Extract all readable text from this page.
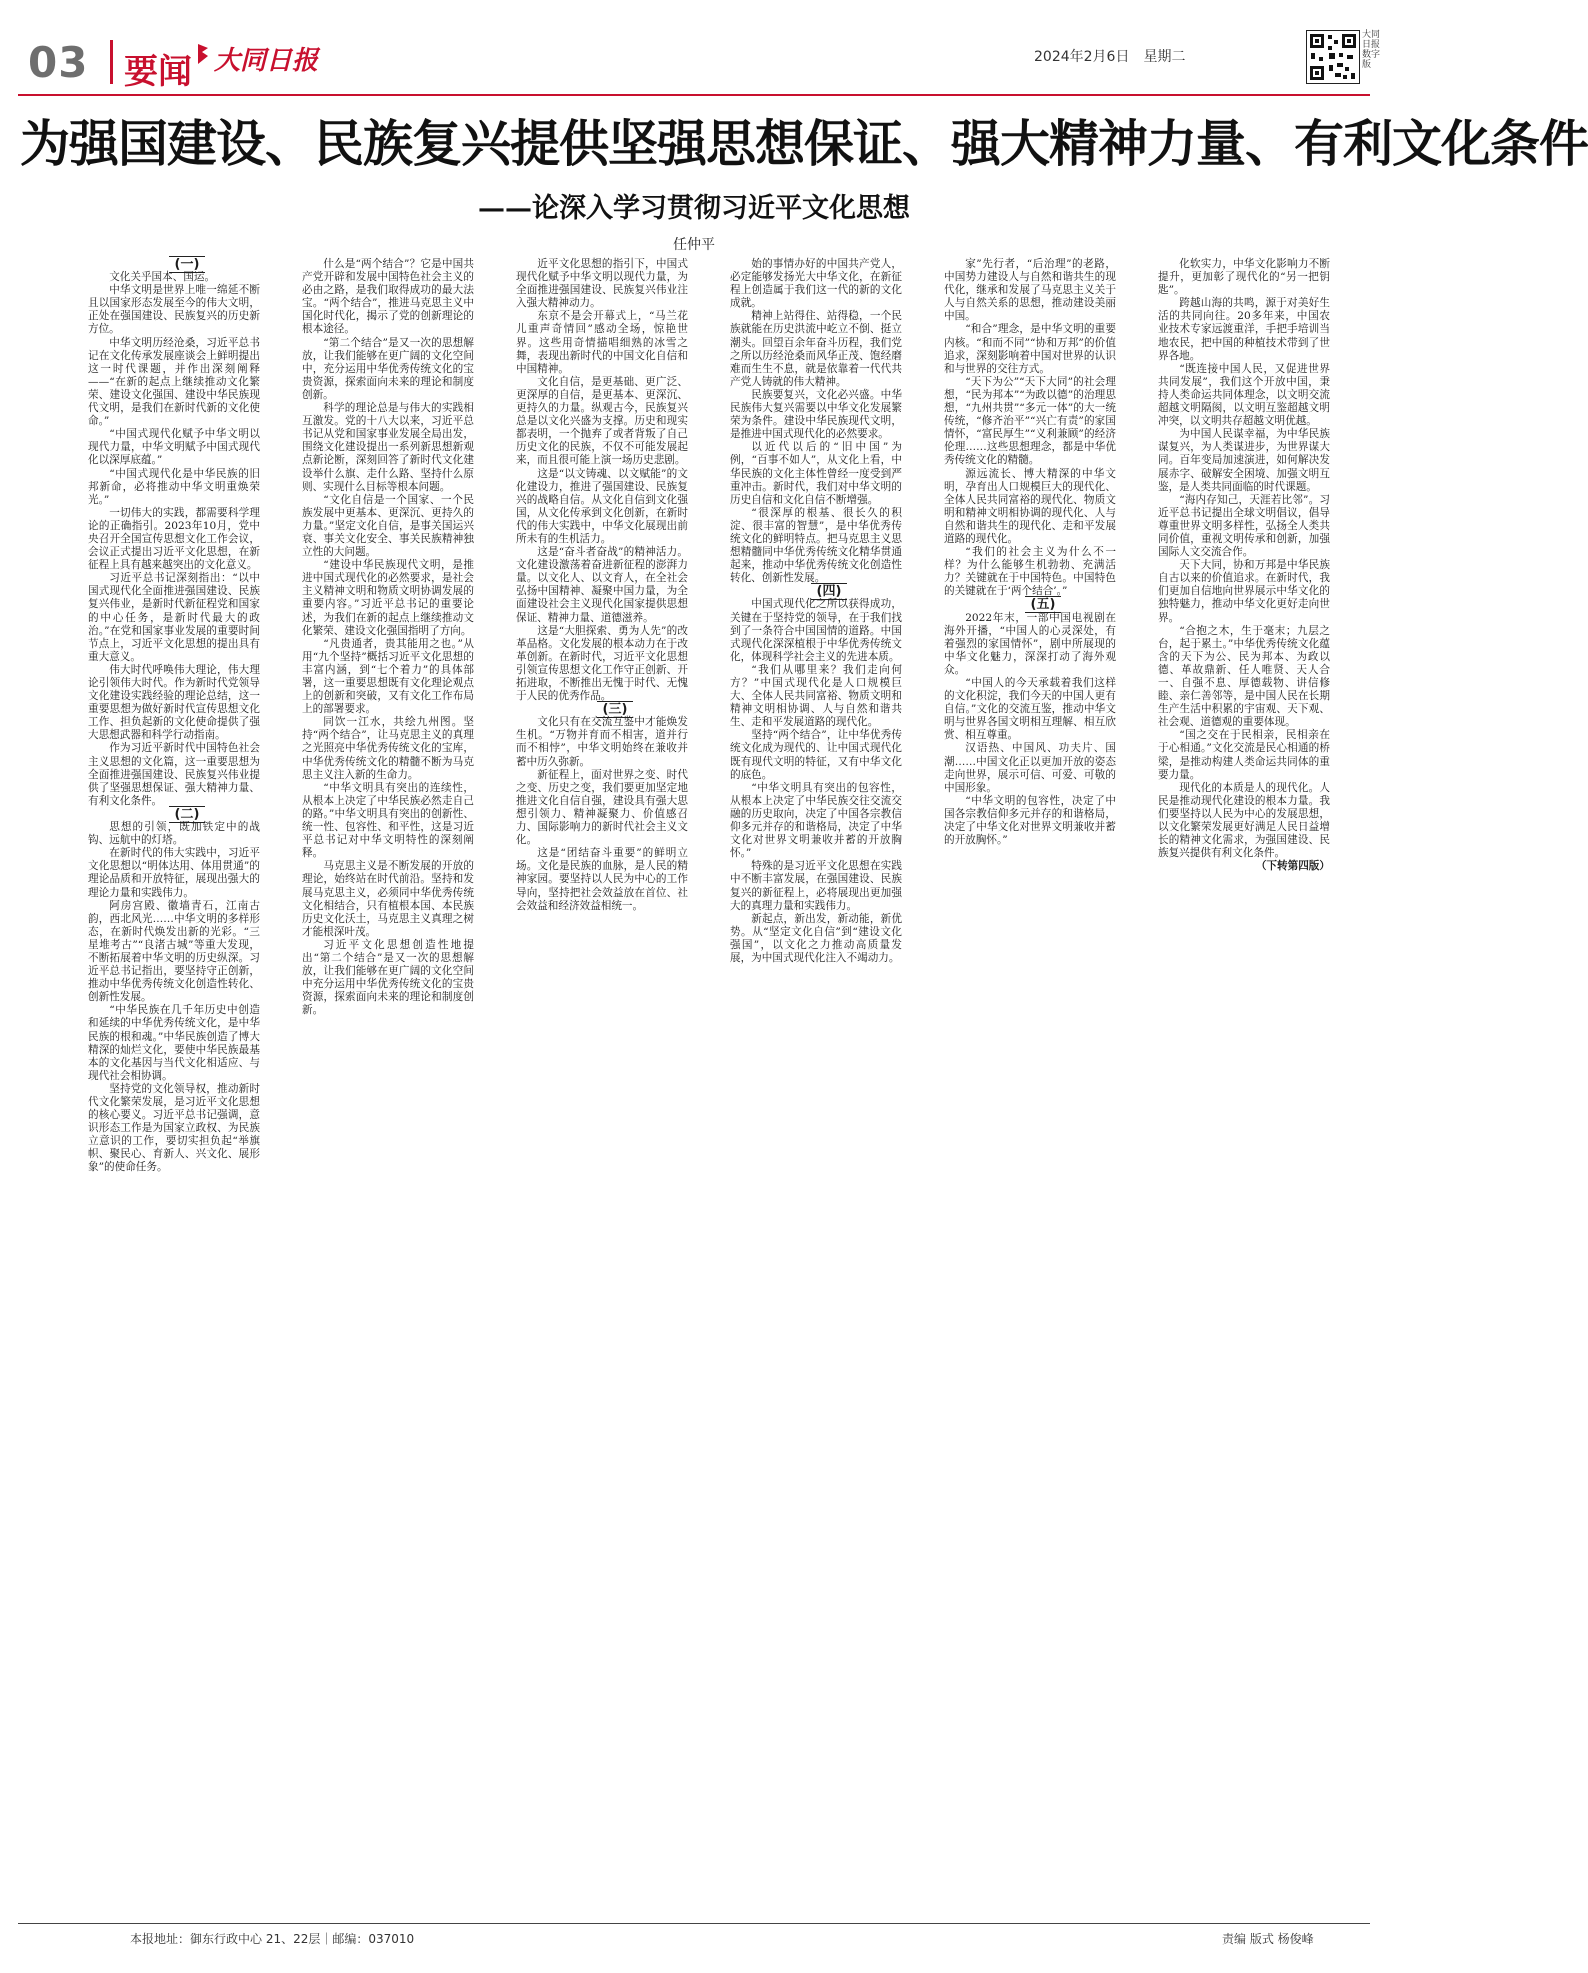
03 要闻 大同日报	2024年2月6日　星期二
大同日报数字版
为强国建设、民族复兴提供坚强思想保证、强大精神力量、有利文化条件
——论深入学习贯彻习近平文化思想
任仲平

(一)

文化关乎国本、国运。

中华文明是世界上唯一绵延不断且以国家形态发展至今的伟大文明，正处在强国建设、民族复兴的历史新方位。

中华文明历经沧桑，习近平总书记在文化传承发展座谈会上鲜明提出这一时代课题，并作出深刻阐释——“在新的起点上继续推动文化繁荣、建设文化强国、建设中华民族现代文明，是我们在新时代新的文化使命。”

“中国式现代化赋予中华文明以现代力量，中华文明赋予中国式现代化以深厚底蕴。”

“中国式现代化是中华民族的旧邦新命，必将推动中华文明重焕荣光。”

一切伟大的实践，都需要科学理论的正确指引。2023年10月，党中央召开全国宣传思想文化工作会议，会议正式提出习近平文化思想，在新征程上具有越来越突出的文化意义。

习近平总书记深刻指出：“以中国式现代化全面推进强国建设、民族复兴伟业，是新时代新征程党和国家的中心任务，是新时代最大的政治。”在党和国家事业发展的重要时间节点上，习近平文化思想的提出具有重大意义。

伟大时代呼唤伟大理论，伟大理论引领伟大时代。作为新时代党领导文化建设实践经验的理论总结，这一重要思想为做好新时代宣传思想文化工作、担负起新的文化使命提供了强大思想武器和科学行动指南。

作为习近平新时代中国特色社会主义思想的文化篇，这一重要思想为全面推进强国建设、民族复兴伟业提供了坚强思想保证、强大精神力量、有利文化条件。

(二)

思想的引领，既加铁定中的战钩、远航中的灯塔。

在新时代的伟大实践中，习近平文化思想以“明体达用、体用贯通”的理论品质和开放特征，展现出强大的理论力量和实践伟力。

阿房宫殿、徽墙青石，江南古韵，西北风光……中华文明的多样形态，在新时代焕发出新的光彩。“三星堆考古”“良渚古城”等重大发现，不断拓展着中华文明的历史纵深。习近平总书记指出，要坚持守正创新，推动中华优秀传统文化创造性转化、创新性发展。

“中华民族在几千年历史中创造和延续的中华优秀传统文化，是中华民族的根和魂。”中华民族创造了博大精深的灿烂文化，要使中华民族最基本的文化基因与当代文化相适应、与现代社会相协调。

坚持党的文化领导权，推动新时代文化繁荣发展，是习近平文化思想的核心要义。习近平总书记强调，意识形态工作是为国家立政权、为民族立意识的工作，要切实担负起“举旗帜、聚民心、育新人、兴文化、展形象”的使命任务。

什么是“两个结合”？它是中国共产党开辟和发展中国特色社会主义的必由之路，是我们取得成功的最大法宝。“两个结合”，推进马克思主义中国化时代化，揭示了党的创新理论的根本途径。

“第二个结合”是又一次的思想解放，让我们能够在更广阔的文化空间中，充分运用中华优秀传统文化的宝贵资源，探索面向未来的理论和制度创新。

科学的理论总是与伟大的实践相互激发。党的十八大以来，习近平总书记从党和国家事业发展全局出发，围绕文化建设提出一系列新思想新观点新论断，深刻回答了新时代文化建设举什么旗、走什么路、坚持什么原则、实现什么目标等根本问题。

“文化自信是一个国家、一个民族发展中更基本、更深沉、更持久的力量。”坚定文化自信，是事关国运兴衰、事关文化安全、事关民族精神独立性的大问题。

“建设中华民族现代文明，是推进中国式现代化的必然要求，是社会主义精神文明和物质文明协调发展的重要内容。”习近平总书记的重要论述，为我们在新的起点上继续推动文化繁荣、建设文化强国指明了方向。

“凡贵通者，贵其能用之也。”从用“九个坚持”概括习近平文化思想的丰富内涵，到“七个着力”的具体部署，这一重要思想既有文化理论观点上的创新和突破，又有文化工作布局上的部署要求。

同饮一江水，共绘九州图。坚持“两个结合”，让马克思主义的真理之光照亮中华优秀传统文化的宝库，中华优秀传统文化的精髓不断为马克思主义注入新的生命力。

“中华文明具有突出的连续性，从根本上决定了中华民族必然走自己的路。”中华文明具有突出的创新性、统一性、包容性、和平性，这是习近平总书记对中华文明特性的深刻阐释。

马克思主义是不断发展的开放的理论，始终站在时代前沿。坚持和发展马克思主义，必须同中华优秀传统文化相结合，只有植根本国、本民族历史文化沃土，马克思主义真理之树才能根深叶茂。

习近平文化思想创造性地提出“第二个结合”是又一次的思想解放，让我们能够在更广阔的文化空间中充分运用中华优秀传统文化的宝贵资源，探索面向未来的理论和制度创新。

近平文化思想的指引下，中国式现代化赋予中华文明以现代力量，为全面推进强国建设、民族复兴伟业注入强大精神动力。

东京不是会开幕式上，“马兰花儿重声奇情回”感动全场，惊艳世界。这些用奇情描唱细熟的冰雪之舞，表现出新时代的中国文化自信和中国精神。

文化自信，是更基础、更广泛、更深厚的自信，是更基本、更深沉、更持久的力量。纵观古今，民族复兴总是以文化兴盛为支撑。历史和现实都表明，一个抛弃了或者背叛了自己历史文化的民族，不仅不可能发展起来，而且很可能上演一场历史悲剧。

这是“以文铸魂、以文赋能”的文化建设力，推进了强国建设、民族复兴的战略自信。从文化自信到文化强国，从文化传承到文化创新，在新时代的伟大实践中，中华文化展现出前所未有的生机活力。

这是“奋斗者奋战”的精神活力。文化建设激荡着奋进新征程的澎湃力量。以文化人、以文育人，在全社会弘扬中国精神、凝聚中国力量，为全面建设社会主义现代化国家提供思想保证、精神力量、道德滋养。

这是“大胆探索、勇为人先”的改革品格。文化发展的根本动力在于改革创新。在新时代，习近平文化思想引领宣传思想文化工作守正创新、开拓进取，不断推出无愧于时代、无愧于人民的优秀作品。

(三)

文化只有在交流互鉴中才能焕发生机。“万物并育而不相害，道并行而不相悖”，中华文明始终在兼收并蓄中历久弥新。

新征程上，面对世界之变、时代之变、历史之变，我们要更加坚定地推进文化自信自强，建设具有强大思想引领力、精神凝聚力、价值感召力、国际影响力的新时代社会主义文化。

这是“团结奋斗重要”的鲜明立场。文化是民族的血脉，是人民的精神家园。要坚持以人民为中心的工作导向，坚持把社会效益放在首位、社会效益和经济效益相统一。

始的事情办好的中国共产党人，必定能够发扬光大中华文化，在新征程上创造属于我们这一代的新的文化成就。

精神上站得住、站得稳，一个民族就能在历史洪流中屹立不倒、挺立潮头。回望百余年奋斗历程，我们党之所以历经沧桑而风华正茂、饱经磨难而生生不息，就是依靠着一代代共产党人铸就的伟大精神。

民族要复兴，文化必兴盛。中华民族伟大复兴需要以中华文化发展繁荣为条件。建设中华民族现代文明，是推进中国式现代化的必然要求。

以近代以后的“旧中国”为例，“百事不如人”，从文化上看，中华民族的文化主体性曾经一度受到严重冲击。新时代，我们对中华文明的历史自信和文化自信不断增强。

“很深厚的根基、很长久的积淀、很丰富的智慧”，是中华优秀传统文化的鲜明特点。把马克思主义思想精髓同中华优秀传统文化精华贯通起来，推动中华优秀传统文化创造性转化、创新性发展。

(四)

中国式现代化之所以获得成功，关键在于坚持党的领导，在于我们找到了一条符合中国国情的道路。中国式现代化深深植根于中华优秀传统文化，体现科学社会主义的先进本质。

“我们从哪里来？我们走向何方？”中国式现代化是人口规模巨大、全体人民共同富裕、物质文明和精神文明相协调、人与自然和谐共生、走和平发展道路的现代化。

坚持“两个结合”，让中华优秀传统文化成为现代的、让中国式现代化既有现代文明的特征，又有中华文化的底色。

“中华文明具有突出的包容性，从根本上决定了中华民族交往交流交融的历史取向，决定了中国各宗教信仰多元并存的和谐格局，决定了中华文化对世界文明兼收并蓄的开放胸怀。”

特殊的是习近平文化思想在实践中不断丰富发展，在强国建设、民族复兴的新征程上，必将展现出更加强大的真理力量和实践伟力。

新起点，新出发，新动能，新优势。从“坚定文化自信”到“建设文化强国”，以文化之力推动高质量发展，为中国式现代化注入不竭动力。

家”先行者，“后治理”的老路，中国势力建设人与自然和谐共生的现代化，继承和发展了马克思主义关于人与自然关系的思想，推动建设美丽中国。

“和合”理念，是中华文明的重要内核。“和而不同”“协和万邦”的价值追求，深刻影响着中国对世界的认识和与世界的交往方式。

“天下为公”“天下大同”的社会理想，“民为邦本”“为政以德”的治理思想，“九州共贯”“多元一体”的大一统传统，“修齐治平”“兴亡有责”的家国情怀，“富民厚生”“义利兼顾”的经济伦理……这些思想理念，都是中华优秀传统文化的精髓。

源远流长、博大精深的中华文明，孕育出人口规模巨大的现代化、全体人民共同富裕的现代化、物质文明和精神文明相协调的现代化、人与自然和谐共生的现代化、走和平发展道路的现代化。

“我们的社会主义为什么不一样？为什么能够生机勃勃、充满活力？关键就在于中国特色。中国特色的关键就在于‘两个结合’。”

(五)

2022年末，一部中国电视剧在海外开播，“中国人的心灵深处，有着强烈的家国情怀”，剧中所展现的中华文化魅力，深深打动了海外观众。

“中国人的今天承载着我们这样的文化积淀，我们今天的中国人更有自信。”文化的交流互鉴，推动中华文明与世界各国文明相互理解、相互欣赏、相互尊重。

汉语热、中国风、功夫片、国潮……中国文化正以更加开放的姿态走向世界，展示可信、可爱、可敬的中国形象。

“中华文明的包容性，决定了中国各宗教信仰多元并存的和谐格局，决定了中华文化对世界文明兼收并蓄的开放胸怀。”

化软实力，中华文化影响力不断提升，更加彰了现代化的“另一把钥匙”。

跨越山海的共鸣，源于对美好生活的共同向往。20多年来，中国农业技术专家远渡重洋，手把手培训当地农民，把中国的种植技术带到了世界各地。

“既连接中国人民，又促进世界共同发展”，我们这个开放中国，秉持人类命运共同体理念，以文明交流超越文明隔阂，以文明互鉴超越文明冲突，以文明共存超越文明优越。

为中国人民谋幸福，为中华民族谋复兴，为人类谋进步，为世界谋大同。百年变局加速演进，如何解决发展赤字、破解安全困境、加强文明互鉴，是人类共同面临的时代课题。

“海内存知己，天涯若比邻”。习近平总书记提出全球文明倡议，倡导尊重世界文明多样性，弘扬全人类共同价值，重视文明传承和创新，加强国际人文交流合作。

天下大同，协和万邦是中华民族自古以来的价值追求。在新时代，我们更加自信地向世界展示中华文化的独特魅力，推动中华文化更好走向世界。

“合抱之木，生于毫末；九层之台，起于累土。”中华优秀传统文化蕴含的天下为公、民为邦本、为政以德、革故鼎新、任人唯贤、天人合一、自强不息、厚德载物、讲信修睦、亲仁善邻等，是中国人民在长期生产生活中积累的宇宙观、天下观、社会观、道德观的重要体现。

“国之交在于民相亲，民相亲在于心相通。”文化交流是民心相通的桥梁，是推动构建人类命运共同体的重要力量。

现代化的本质是人的现代化。人民是推动现代化建设的根本力量。我们要坚持以人民为中心的发展思想，以文化繁荣发展更好满足人民日益增长的精神文化需求，为强国建设、民族复兴提供有利文化条件。

（下转第四版）

本报地址：御东行政中心 21、22层｜邮编：037010	责编 版式 杨俊峰
